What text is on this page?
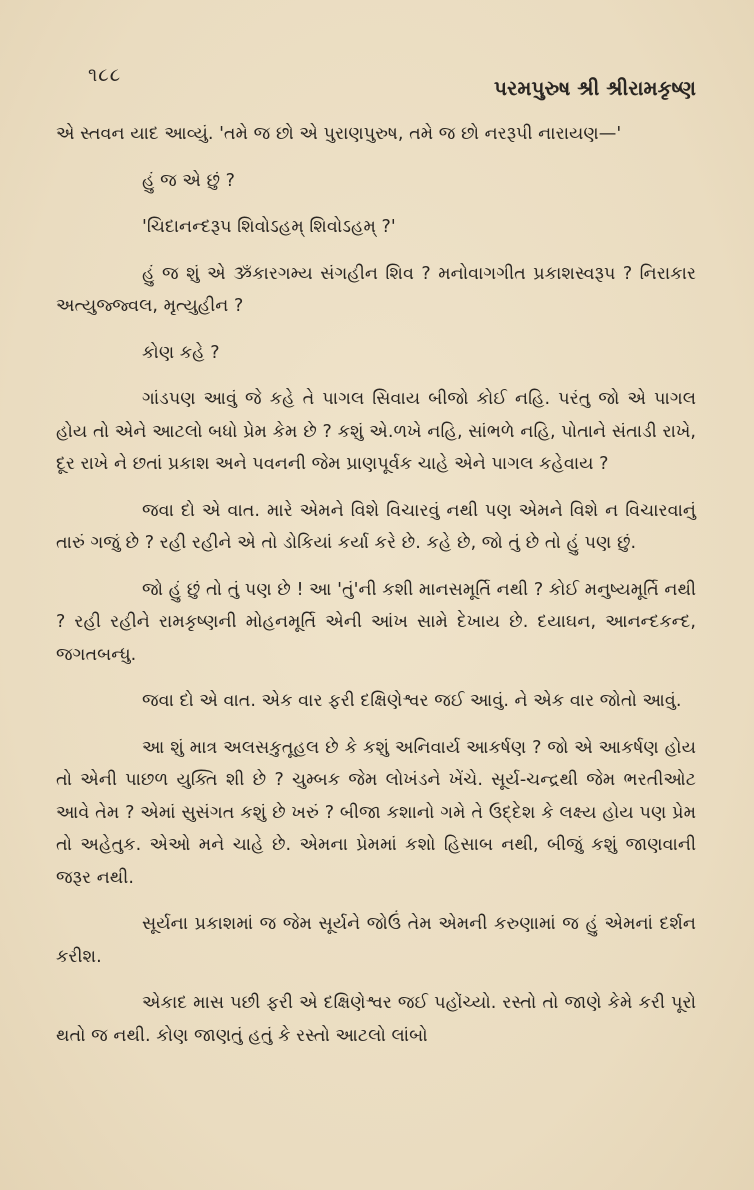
૧૮૮
પરમપુરુષ શ્રી શ્રીરામકૃષ્ણ

એ સ્તવન યાદ આવ્યું. 'તમે જ છો એ પુરાણપુરુષ, તમે જ છો નરરૂપી નારાયણ—'

હું જ એ છું ?

'ચિદાનન્દરૂપ શિવોઽહમ્ શિવોઽહમ્ ?'

હું જ શું એ ૐકારગમ્ય સંગહીન શિવ ? મનોવાગગીત પ્રકાશસ્વરૂપ ? નિરાકાર અત્યુજ્જ્વલ, મૃત્યુહીન ?

કોણ કહે ?

ગાંડપણ આવું જે કહે તે પાગલ સિવાય બીજો કોઈ નહિ. પરંતુ જો એ પાગલ હોય તો એને આટલો બધો પ્રેમ કેમ છે ? કશું એ.ળખે નહિ, સાંભળે નહિ, પોતાને સંતાડી રાખે, દૂર રાખે ને છતાં પ્રકાશ અને પવનની જેમ પ્રાણપૂર્વક ચાહે એને પાગલ કહેવાય ?

જવા દો એ વાત. મારે એમને વિશે વિચારવું નથી પણ એમને વિશે ન વિચારવાનું તારું ગજું છે ? રહી રહીને એ તો ડોકિયાં કર્યા કરે છે. કહે છે, જો તું છે તો હું પણ છું.

જો હું છું તો તું પણ છે ! આ 'તું'ની કશી માનસમૂર્તિ નથી ? કોઈ મનુષ્યમૂર્તિ નથી ? રહી રહીને રામકૃષ્ણની મોહનમૂર્તિ એની આંખ સામે દેખાય છે. દયાઘન, આનન્દકન્દ, જગતબન્ધુ.

જવા દો એ વાત. એક વાર ફરી દક્ષિણેશ્વર જઈ આવું. ને એક વાર જોતો આવું.

આ શું માત્ર અલસકુતૂહલ છે કે કશું અનિવાર્ય આકર્ષણ ? જો એ આકર્ષણ હોય તો એની પાછળ યુક્તિ શી છે ? ચુમ્બક જેમ લોખંડને ખેંચે. સૂર્ય-ચન્દ્રથી જેમ ભરતીઓટ આવે તેમ ? એમાં સુસંગત કશું છે ખરું ? બીજા કશાનો ગમે તે ઉદ્દેશ કે લક્ષ્ય હોય પણ પ્રેમ તો અહેતુક. એઓ મને ચાહે છે. એમના પ્રેમમાં કશો હિસાબ નથી, બીજું કશું જાણવાની જરૂર નથી.

સૂર્યના પ્રકાશમાં જ જેમ સૂર્યને જોઉં તેમ એમની કરુણામાં જ હું એમનાં દર્શન કરીશ.

એકાદ માસ પછી ફરી એ દક્ષિણેશ્વર જઈ પહોંચ્યો. રસ્તો તો જાણે કેમે કરી પૂરો થતો જ નથી. કોણ જાણતું હતું કે રસ્તો આટલો લાંબો
